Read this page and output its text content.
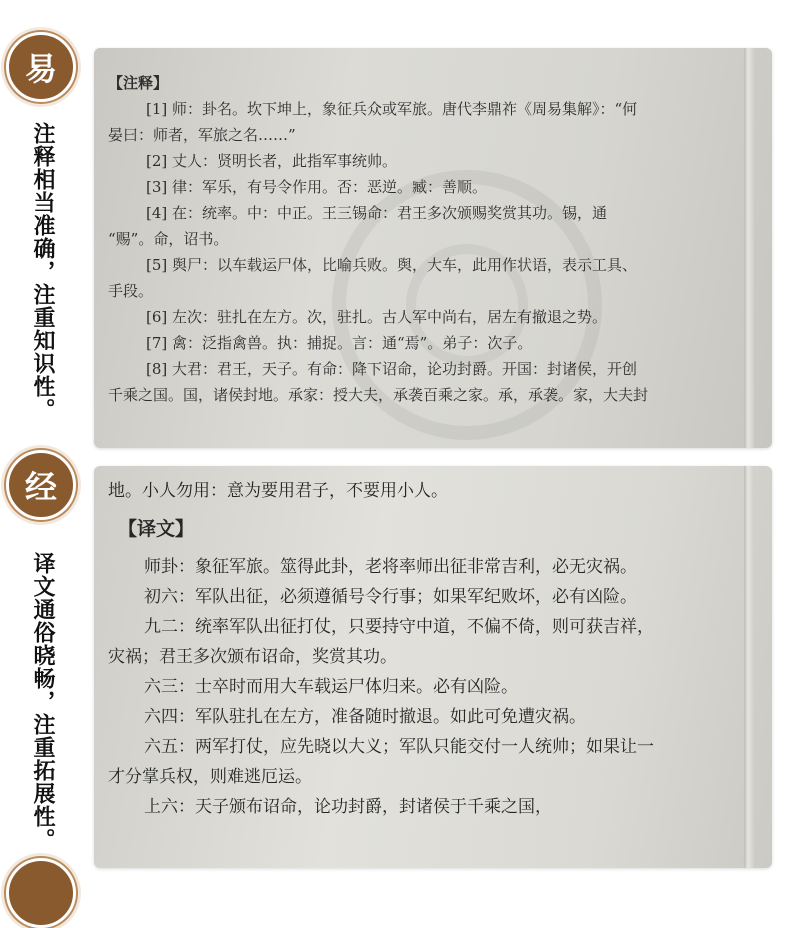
易
注释相当准确，注重知识性。
经
译文通俗晓畅，注重拓展性。

【注释】

[1] 师：卦名。坎下坤上，象征兵众或军旅。唐代李鼎祚《周易集解》：“何

晏曰：师者，军旅之名……”

[2] 丈人：贤明长者，此指军事统帅。

[3] 律：军乐，有号令作用。否：恶逆。臧：善顺。

[4] 在：统率。中：中正。王三锡命：君王多次颁赐奖赏其功。锡，通

“赐”。命，诏书。

[5] 舆尸：以车载运尸体，比喻兵败。舆，大车，此用作状语，表示工具、

手段。

[6] 左次：驻扎在左方。次，驻扎。古人军中尚右，居左有撤退之势。

[7] 禽：泛指禽兽。执：捕捉。言：通“焉”。弟子：次子。

[8] 大君：君王，天子。有命：降下诏命，论功封爵。开国：封诸侯，开创

千乘之国。国，诸侯封地。承家：授大夫，承袭百乘之家。承，承袭。家，大夫封

地。小人勿用：意为要用君子，不要用小人。

【译文】

师卦：象征军旅。筮得此卦，老将率师出征非常吉利，必无灾祸。

初六：军队出征，必须遵循号令行事；如果军纪败坏，必有凶险。

九二：统率军队出征打仗，只要持守中道，不偏不倚，则可获吉祥，

灾祸；君王多次颁布诏命，奖赏其功。

六三：士卒时而用大车载运尸体归来。必有凶险。

六四：军队驻扎在左方，准备随时撤退。如此可免遭灾祸。

六五：两军打仗，应先晓以大义；军队只能交付一人统帅；如果让一

才分掌兵权，则难逃厄运。

上六：天子颁布诏命，论功封爵，封诸侯于千乘之国，
